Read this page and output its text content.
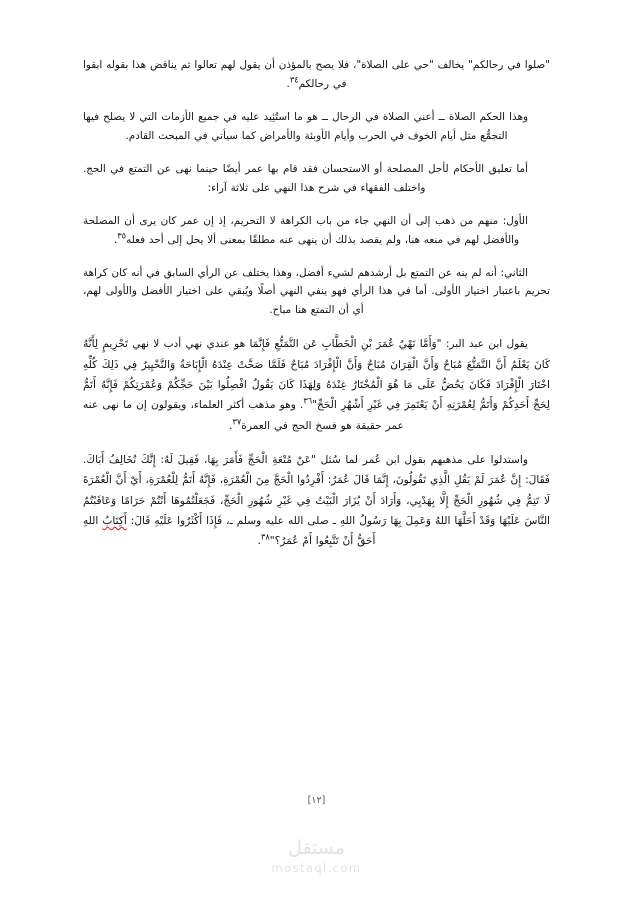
"صلوا في رحالكم" يخالف "حي على الصلاة"، فلا يصح بالمؤذن أن يقول لهم تعالوا ثم يناقض هذا بقوله ابقوا في رحالكم$^{٣٤}$.

وهذا الحكم الصلاة ــ أعني الصلاة في الرحال ــ هو ما استُئِيد عليه في جميع الأزمات التي لا يصلح فيها التجمُّع مثل أيام الخوف في الحرب وأيام الأوبئة والأمراض كما سيأتي في المبحث القادم.

أما تعليق الأحكام لأجل المصلحة أو الاستحسان فقد قام بها عمر أيضًا حينما نهى عن التمتع في الحج. واختلف الفقهاء في شرح هذا النهي على ثلاثة آراء:

الأول: منهم من ذهب إلى أن النهي جاء من باب الكراهة لا التحريم، إذ إن عمر كان يرى أن المصلحة والأفضل لهم في منعه هنا، ولم يقصد بذلك أن ينهى عنه مطلقًا بمعنى ألا يحل إلى أحد فعله$^{٣٥}$.

الثاني: أنه لم ينه عن التمتع بل أرشدهم لشيء أفضل، وهذا يختلف عن الرأي السابق في أنه كان كراهة تحريم باعتبار اختيار الأولى. أما في هذا الرأي فهو ينفي النهي أصلًا ويُبقي على اختيار الأفضل والأولى لهم، أي أن التمتع هنا مباح.

يقول ابن عبد البر: "وَأَمَّا نَهْيُ عُمَرَ بْنِ الْخَطَّابِ عَن التَّمَتُّعِ فَإِنَّمَا هو عندي نهي أدب لا نهي تَحْرِيمٍ لِأَنَّهُ كَانَ يَعْلَمُ أَنَّ التَّمَتُّعَ مُبَاحٌ وَأَنَّ الْقِرَانَ مُبَاحٌ وَأَنَّ الْإِفْرَادَ مُبَاحٌ فَلَمَّا صَحَّتْ عِنْدَهُ الْإِبَاحَةُ وَالتَّخْيِيرُ فِي ذَلِكَ كُلِّهِ اخْتَارَ الْإِفْرَادَ فَكَانَ يَحُضُّ عَلَى مَا هُوَ الْمُخْتَارُ عِنْدَهُ وَلِهَذَا كَانَ يَقُولُ افْصِلُوا بَيْنَ حَجِّكُمْ وَعُمْرَتِكُمْ فَإِنَّهُ أَتَمُّ لِحَجِّ أَحَدِكُمْ وَأَتَمُّ لِعُمْرَتِهِ أَنْ يَعْتَمِرَ فِي غَيْرِ أَشْهُرِ الْحَجِّ"$^{٣٦}$. وهو مذهب أكثر العلماء، ويقولون إن ما نهى عنه عمر حقيقة هو فسخ الحج في العمرة$^{٣٧}$.

واستدلوا على مذهبهم بقول ابن عُمر لما سُئل "عَنْ مُتْعَةِ الْحَجِّ فَأَمَرَ بِهَا، فَقِيلَ لَهُ: إِنَّكَ تُخَالِفُ أَبَاكَ. فَقَالَ: إِنَّ عُمَرَ لَمْ يَقُلِ الَّذِي تَقُولُونَ، إِنَّمَا قَالَ عُمَرُ: أَفْرِدُوا الْحَجَّ مِنَ الْعُمْرَةِ، فَإِنَّهُ أَتَمُّ لِلْعُمْرَةِ، أَيْ أَنَّ الْعُمْرَةَ لَا تَتِمُّ فِي شُهُورِ الْحَجِّ إِلَّا بِهَدْيِي، وَأَرَادَ أَنْ يُزَارَ الْبَيْتُ فِي غَيْرِ شُهُورِ الْحَجِّ، فَجَعَلْتُمُوهَا أَنْتُمْ حَرَامًا وَعَاقَبْتُمُ النَّاسَ عَلَيْهَا وَقَدْ أَحَلَّهَا اللهُ وَعَمِلَ بِهَا رَسُولُ اللهِ ـ صلى الله عليه وسلم ـ، فَإِذَا أَكْثَرُوا عَلَيْهِ قَالَ: أَكِتَابُ اللهِ أَحَقُّ أَنْ تَتَّبِعُوا أَمْ عُمَرُ؟"$^{٣٨}$.

[١٢]
مستقل
mostaql.com
